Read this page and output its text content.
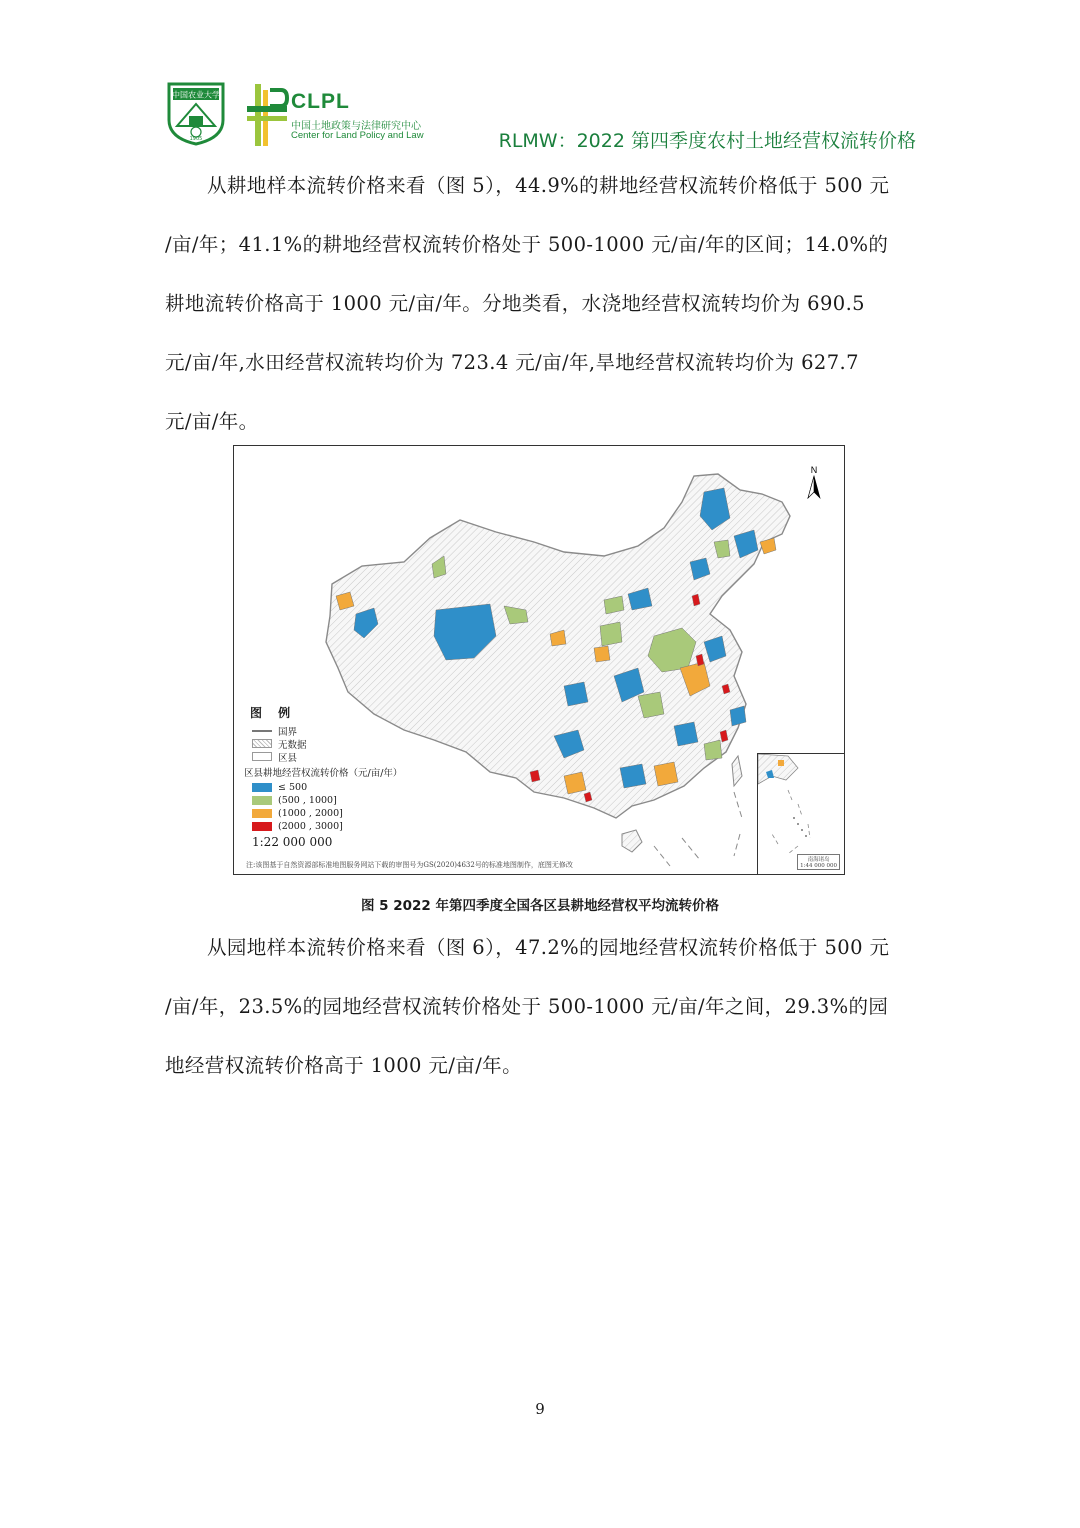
中国农业大学
1905
CLPL
中国土地政策与法律研究中心
Center for Land Policy and Law	RLMW：2022 第四季度农村土地经营权流转价格
从耕地样本流转价格来看（图 5），44.9%的耕地经营权流转价格低于 500 元
/亩/年；41.1%的耕地经营权流转价格处于 500-1000 元/亩/年的区间；14.0%的
耕地流转价格高于 1000 元/亩/年。分地类看，水浇地经营权流转均价为 690.5
元/亩/年,水田经营权流转均价为 723.4 元/亩/年,旱地经营权流转均价为 627.7
元/亩/年。
N
图 例
国界
无数据
区县
区县耕地经营权流转价格（元/亩/年）
≤ 500
(500 , 1000]
(1000 , 2000]
(2000 , 3000]
1:22 000 000
注:该图基于自然资源部标准地图服务网站下载的审图号为GS(2020)4632号的标准地图制作，底图无修改
南海诸岛
1:44 000 000
图 5 2022 年第四季度全国各区县耕地经营权平均流转价格
从园地样本流转价格来看（图 6），47.2%的园地经营权流转价格低于 500 元
/亩/年，23.5%的园地经营权流转价格处于 500-1000 元/亩/年之间，29.3%的园
地经营权流转价格高于 1000 元/亩/年。
9
